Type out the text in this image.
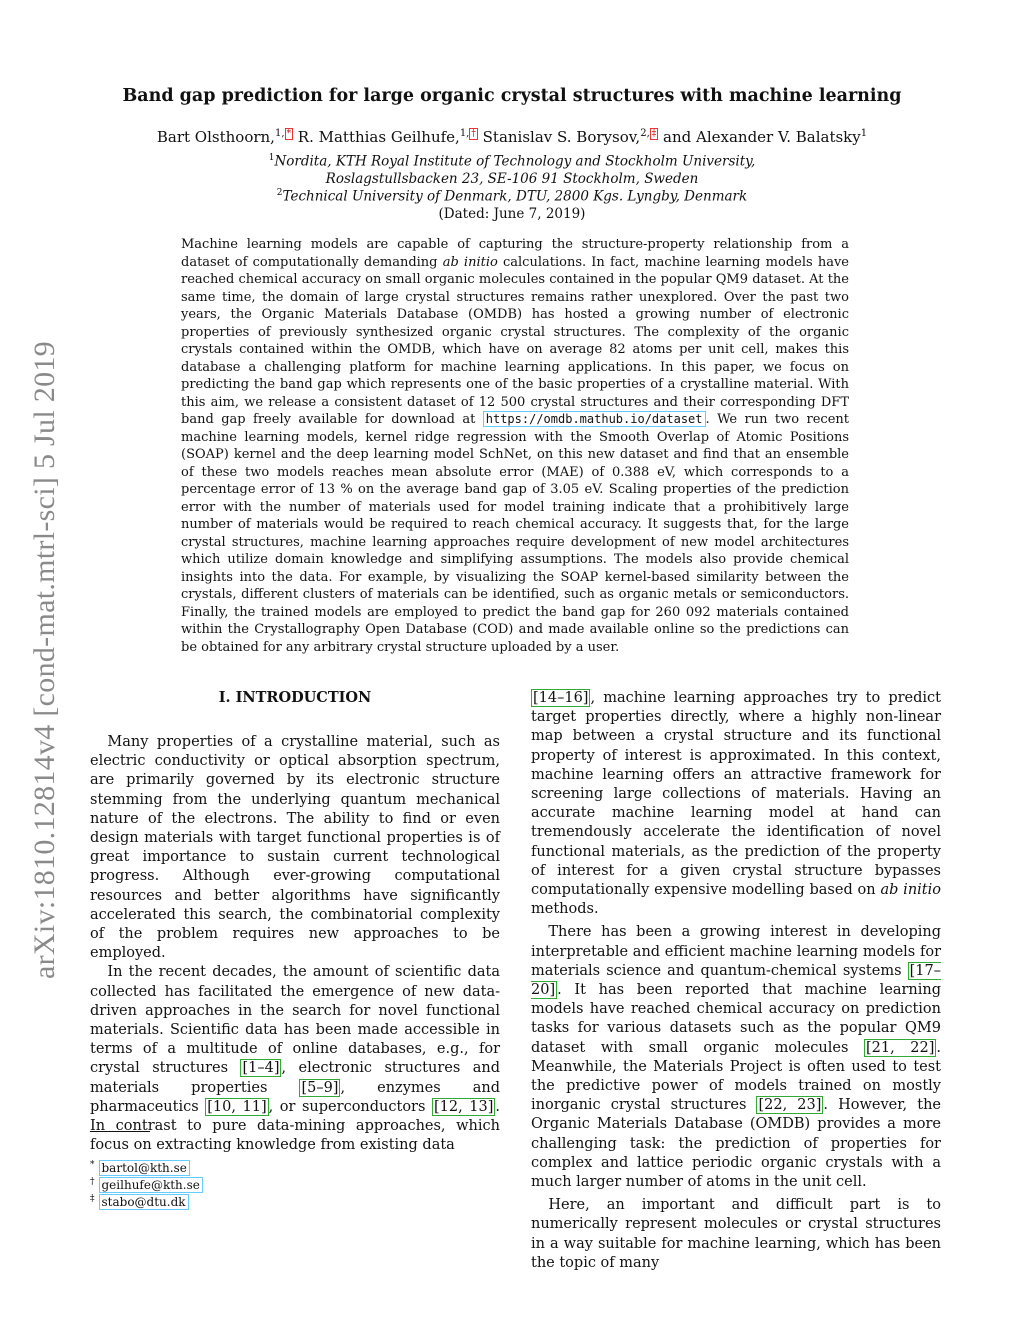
arXiv:1810.12814v4 [cond-mat.mtrl-sci] 5 Jul 2019
Band gap prediction for large organic crystal structures with machine learning
Bart Olsthoorn,$^{1,}$ * R. Matthias Geilhufe,$^{1,}$ † Stanislav S. Borysov,$^{2,}$ ‡ and Alexander V. Balatsky$^1$
$^1$Nordita, KTH Royal Institute of Technology and Stockholm University,
Roslagstullsbacken 23, SE-106 91 Stockholm, Sweden
$^2$Technical University of Denmark, DTU, 2800 Kgs. Lyngby, Denmark
(Dated: June 7, 2019)
Machine learning models are capable of capturing the structure-property relationship from a dataset of computationally demanding ab initio calculations. In fact, machine learning models have reached chemical accuracy on small organic molecules contained in the popular QM9 dataset. At the same time, the domain of large crystal structures remains rather unexplored. Over the past two years, the Organic Materials Database (OMDB) has hosted a growing number of electronic properties of previously synthesized organic crystal structures. The complexity of the organic crystals contained within the OMDB, which have on average 82 atoms per unit cell, makes this database a challenging platform for machine learning applications. In this paper, we focus on predicting the band gap which represents one of the basic properties of a crystalline material. With this aim, we release a consistent dataset of 12 500 crystal structures and their corresponding DFT band gap freely available for download at https://omdb.mathub.io/dataset . We run two recent machine learning models, kernel ridge regression with the Smooth Overlap of Atomic Positions (SOAP) kernel and the deep learning model SchNet, on this new dataset and find that an ensemble of these two models reaches mean absolute error (MAE) of 0.388 eV, which corresponds to a percentage error of 13 % on the average band gap of 3.05 eV. Scaling properties of the prediction error with the number of materials used for model training indicate that a prohibitively large number of materials would be required to reach chemical accuracy. It suggests that, for the large crystal structures, machine learning approaches require development of new model architectures which utilize domain knowledge and simplifying assumptions. The models also provide chemical insights into the data. For example, by visualizing the SOAP kernel-based similarity between the crystals, different clusters of materials can be identified, such as organic metals or semiconductors. Finally, the trained models are employed to predict the band gap for 260 092 materials contained within the Crystallography Open Database (COD) and made available online so the predictions can be obtained for any arbitrary crystal structure uploaded by a user.
I. INTRODUCTION

Many properties of a crystalline material, such as electric conductivity or optical absorption spectrum, are primarily governed by its electronic structure stemming from the underlying quantum mechanical nature of the electrons. The ability to find or even design materials with target functional properties is of great importance to sustain current technological progress. Although ever-growing computational resources and better algorithms have significantly accelerated this search, the combinatorial complexity of the problem requires new approaches to be employed.

In the recent decades, the amount of scientific data collected has facilitated the emergence of new data-driven approaches in the search for novel functional materials. Scientific data has been made accessible in terms of a multitude of online databases, e.g., for crystal structures [1–4] , electronic structures and materials properties [5–9] , enzymes and pharmaceutics [10, 11] , or superconductors [12, 13] . In contrast to pure data-mining approaches, which focus on extracting knowledge from existing data

[14–16] , machine learning approaches try to predict target properties directly, where a highly non-linear map between a crystal structure and its functional property of interest is approximated. In this context, machine learning offers an attractive framework for screening large collections of materials. Having an accurate machine learning model at hand can tremendously accelerate the identification of novel functional materials, as the prediction of the property of interest for a given crystal structure bypasses computationally expensive modelling based on ab initio methods.

There has been a growing interest in developing interpretable and efficient machine learning models for materials science and quantum-chemical systems [17–20] . It has been reported that machine learning models have reached chemical accuracy on prediction tasks for various datasets such as the popular QM9 dataset with small organic molecules [21, 22] . Meanwhile, the Materials Project is often used to test the predictive power of models trained on mostly inorganic crystal structures [22, 23] . However, the Organic Materials Database (OMDB) provides a more challenging task: the prediction of properties for complex and lattice periodic organic crystals with a much larger number of atoms in the unit cell.

Here, an important and difficult part is to numerically represent molecules or crystal structures in a way suitable for machine learning, which has been the topic of many

* bartol@kth.se
† geilhufe@kth.se
‡ stabo@dtu.dk
